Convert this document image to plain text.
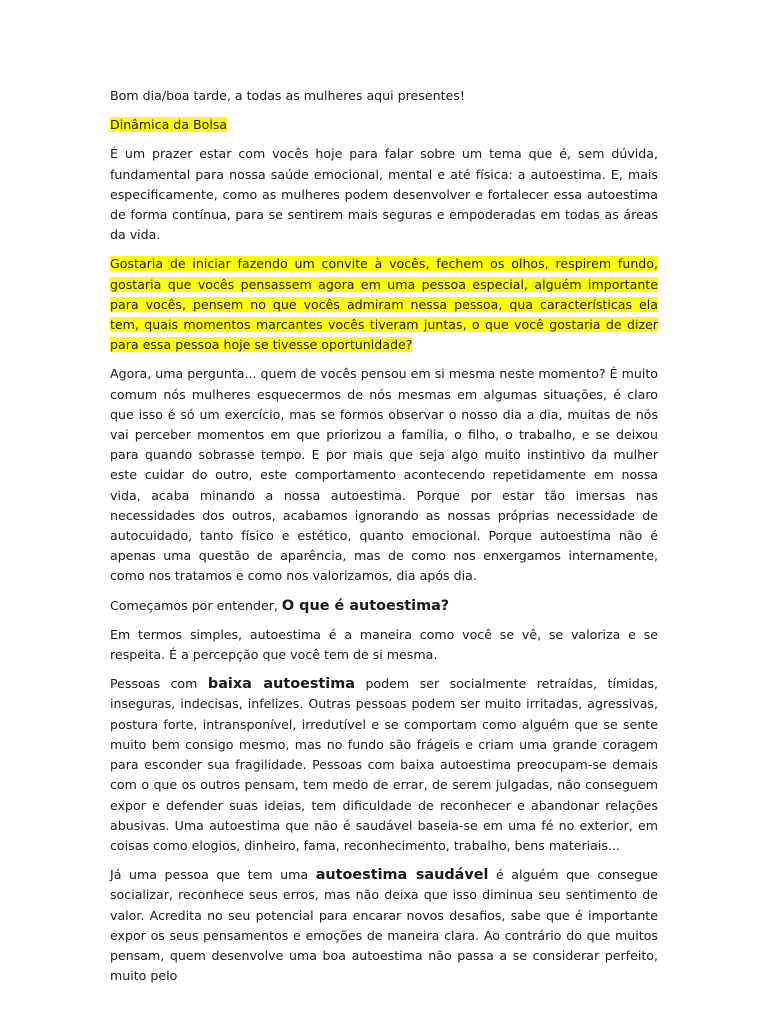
Bom dia/boa tarde, a todas as mulheres aqui presentes!

Dinâmica da Bolsa

É um prazer estar com vocês hoje para falar sobre um tema que é, sem dúvida, fundamental para nossa saúde emocional, mental e até física: a autoestima. E, mais especificamente, como as mulheres podem desenvolver e fortalecer essa autoestima de forma contínua, para se sentirem mais seguras e empoderadas em todas as áreas da vida.

Gostaria de iniciar fazendo um convite à vocês, fechem os olhos, respirem fundo, gostaria que vocês pensassem agora em uma pessoa especial, alguém importante para vocês, pensem no que vocês admiram nessa pessoa, qua características ela tem, quais momentos marcantes vocês tiveram juntas, o que você gostaria de dizer para essa pessoa hoje se tivesse oportunidade?

Agora, uma pergunta... quem de vocês pensou em si mesma neste momento? É muito comum nós mulheres esquecermos de nós mesmas em algumas situações, é claro que isso é só um exercício, mas se formos observar o nosso dia a dia, muitas de nós vai perceber momentos em que priorizou a família, o filho, o trabalho, e se deixou para quando sobrasse tempo. E por mais que seja algo muito instintivo da mulher este cuidar do outro, este comportamento acontecendo repetidamente em nossa vida, acaba minando a nossa autoestima. Porque por estar tão imersas nas necessidades dos outros, acabamos ignorando as nossas próprias necessidade de autocuidado, tanto físico e estético, quanto emocional. Porque autoestima não é apenas uma questão de aparência, mas de como nos enxergamos internamente, como nos tratamos e como nos valorizamos, dia após dia.

Começamos por entender, O que é autoestima?

Em termos simples, autoestima é a maneira como você se vê, se valoriza e se respeita. É a percepção que você tem de si mesma.

Pessoas com baixa autoestima podem ser socialmente retraídas, tímidas, inseguras, indecisas, infelizes. Outras pessoas podem ser muito irritadas, agressivas, postura forte, intransponível, irredutível e se comportam como alguém que se sente muito bem consigo mesmo, mas no fundo são frágeis e criam uma grande coragem para esconder sua fragilidade. Pessoas com baixa autoestima preocupam-se demais com o que os outros pensam, tem medo de errar, de serem julgadas, não conseguem expor e defender suas ideias, tem dificuldade de reconhecer e abandonar relações abusivas. Uma autoestima que não é saudável baseia-se em uma fé no exterior, em coisas como elogios, dinheiro, fama, reconhecimento, trabalho, bens materiais...

Já uma pessoa que tem uma autoestima saudável é alguém que consegue socializar, reconhece seus erros, mas não deixa que isso diminua seu sentimento de valor. Acredita no seu potencial para encarar novos desafios, sabe que é importante expor os seus pensamentos e emoções de maneira clara. Ao contrário do que muitos pensam, quem desenvolve uma boa autoestima não passa a se considerar perfeito, muito pelo
